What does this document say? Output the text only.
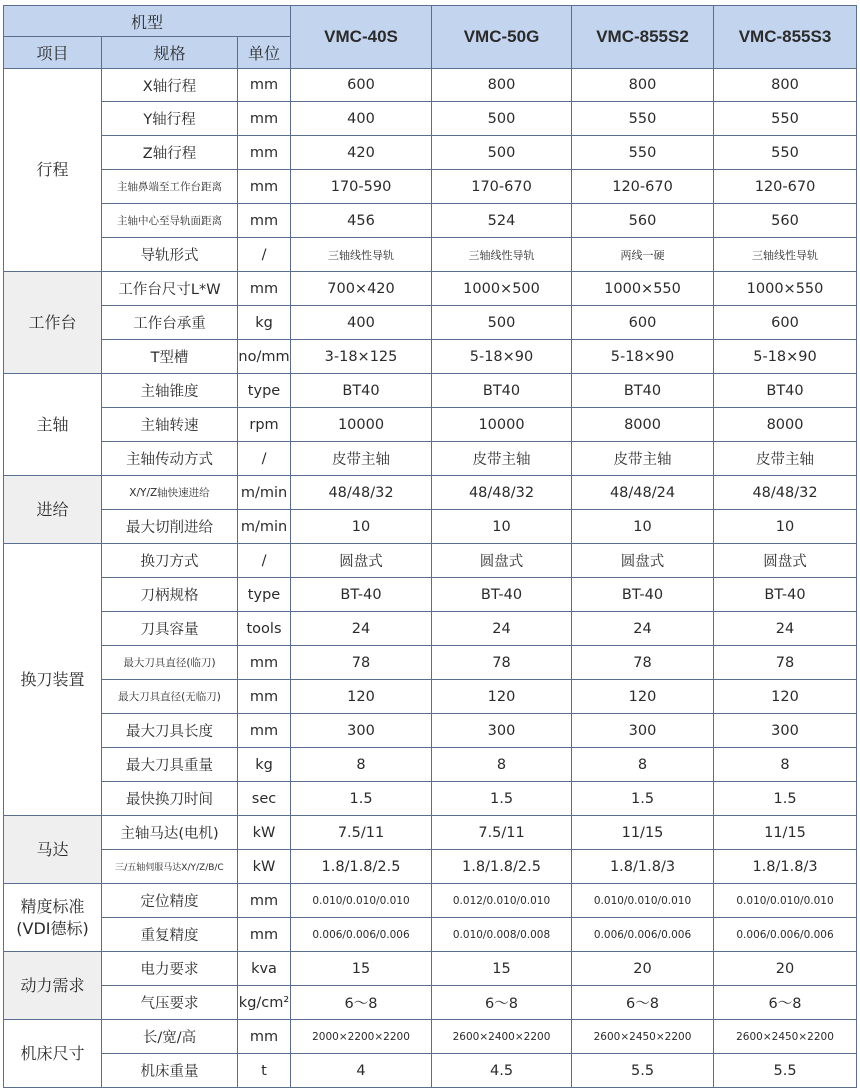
机型			VMC-40S	VMC-50G	VMC-855S2	VMC-855S3
项目	规格	单位				
行程	X轴行程	mm	600	800	800	800
	Y轴行程	mm	400	500	550	550
	Z轴行程	mm	420	500	550	550
	主轴鼻端至工作台距离	mm	170-590	170-670	120-670	120-670
	主轴中心至导轨面距离	mm	456	524	560	560
	导轨形式	/	三轴线性导轨	三轴线性导轨	两线一硬	三轴线性导轨
工作台	工作台尺寸L*W	mm	700×420	1000×500	1000×550	1000×550
	工作台承重	kg	400	500	600	600
	T型槽	no/mm	3-18×125	5-18×90	5-18×90	5-18×90
主轴	主轴锥度	type	BT40	BT40	BT40	BT40
	主轴转速	rpm	10000	10000	8000	8000
	主轴传动方式	/	皮带主轴	皮带主轴	皮带主轴	皮带主轴
进给	X/Y/Z轴快速进给	m/min	48/48/32	48/48/32	48/48/24	48/48/32
	最大切削进给	m/min	10	10	10	10
换刀装置	换刀方式	/	圆盘式	圆盘式	圆盘式	圆盘式
	刀柄规格	type	BT-40	BT-40	BT-40	BT-40
	刀具容量	tools	24	24	24	24
	最大刀具直径(临刀)	mm	78	78	78	78
	最大刀具直径(无临刀)	mm	120	120	120	120
	最大刀具长度	mm	300	300	300	300
	最大刀具重量	kg	8	8	8	8
	最快换刀时间	sec	1.5	1.5	1.5	1.5
马达	主轴马达(电机)	kW	7.5/11	7.5/11	11/15	11/15
	三/五轴伺服马达X/Y/Z/B/C	kW	1.8/1.8/2.5	1.8/1.8/2.5	1.8/1.8/3	1.8/1.8/3
精度标准
(VDI德标)	定位精度	mm	0.010/0.010/0.010	0.012/0.010/0.010	0.010/0.010/0.010	0.010/0.010/0.010
	重复精度	mm	0.006/0.006/0.006	0.010/0.008/0.008	0.006/0.006/0.006	0.006/0.006/0.006
动力需求	电力要求	kva	15	15	20	20
	气压要求	kg/cm²	6～8	6～8	6～8	6～8
机床尺寸	长/宽/高	mm	2000×2200×2200	2600×2400×2200	2600×2450×2200	2600×2450×2200
	机床重量	t	4	4.5	5.5	5.5
